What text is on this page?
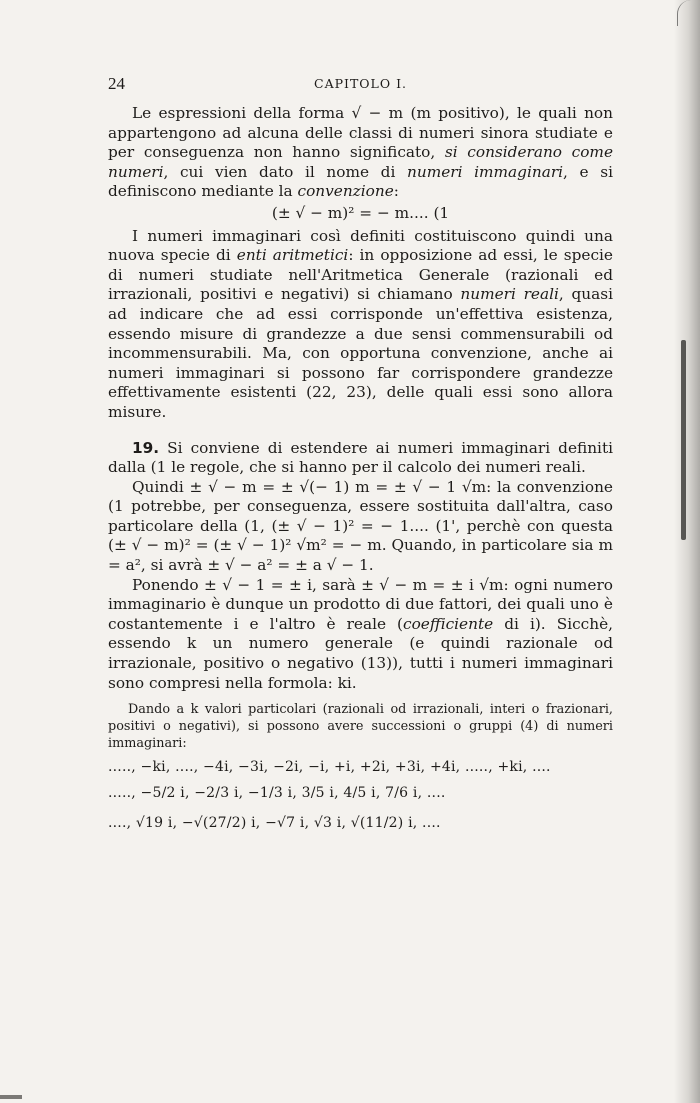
24	CAPITOLO I.

Le espressioni della forma √ − m (m positivo), le quali non appartengono ad alcuna delle classi di numeri sinora studiate e per conseguenza non hanno significato, si considerano come numeri, cui vien dato il nome di numeri immaginari, e si definiscono mediante la convenzione:

(± √ − m)² = − m.... (1

I numeri immaginari così definiti costituiscono quindi una nuova specie di enti aritmetici: in opposizione ad essi, le specie di numeri studiate nell'Aritmetica Generale (razionali ed irrazionali, positivi e negativi) si chiamano numeri reali, quasi ad indicare che ad essi corrisponde un'effettiva esistenza, essendo misure di grandezze a due sensi commensurabili od incommensurabili. Ma, con opportuna convenzione, anche ai numeri immaginari si possono far corrispondere grandezze effettivamente esistenti (22, 23), delle quali essi sono allora misure.

19. Si conviene di estendere ai numeri immaginari definiti dalla (1 le regole, che si hanno per il calcolo dei numeri reali.

Quindi ± √ − m = ± √(− 1) m = ± √ − 1 √m: la convenzione (1 potrebbe, per conseguenza, essere sostituita dall'altra, caso particolare della (1, (± √ − 1)² = − 1.... (1', perchè con questa (± √ − m)² = (± √ − 1)² √m² = − m. Quando, in particolare sia m = a², si avrà ± √ − a² = ± a √ − 1.

Ponendo ± √ − 1 = ± i, sarà ± √ − m = ± i √m: ogni numero immaginario è dunque un prodotto di due fattori, dei quali uno è costantemente i e l'altro è reale (coefficiente di i). Sicchè, essendo k un numero generale (e quindi razionale od irrazionale, positivo o negativo (13)), tutti i numeri immaginari sono compresi nella formola: ki.

Dando a k valori particolari (razionali od irrazionali, interi o frazionari, positivi o negativi), si possono avere successioni o gruppi (4) di numeri immaginari:

....., −ki, ...., −4i, −3i, −2i, −i, +i, +2i, +3i, +4i, ....., +ki, ....
....., −5/2 i, −2/3 i, −1/3 i, 3/5 i, 4/5 i, 7/6 i, ....
...., √19 i, −√(27/2) i, −√7 i, √3 i, √(11/2) i, ....
